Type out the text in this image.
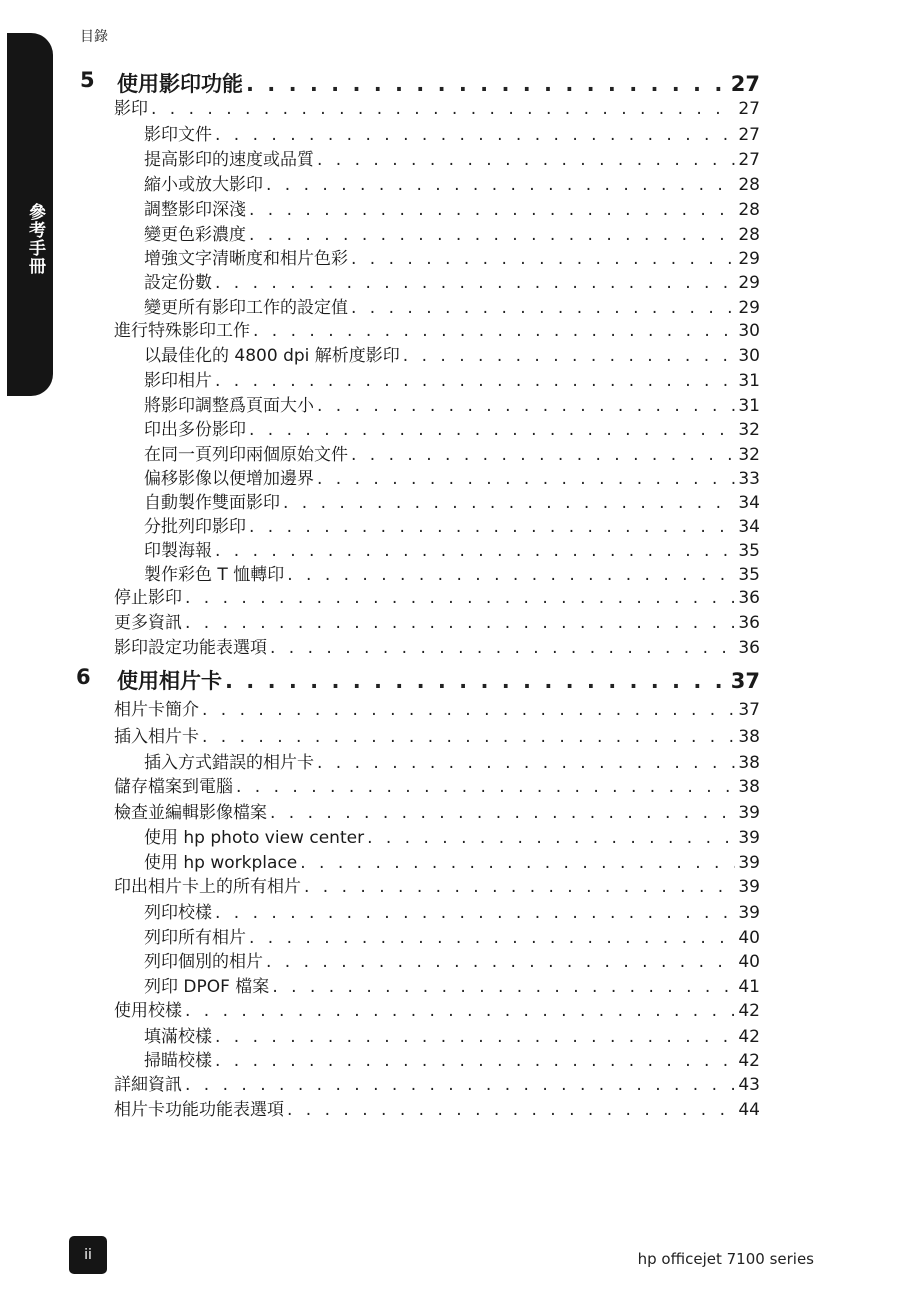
參考手冊
目錄
5 使用影印功能 . . .	27
影印 . . .	27
影印文件 . . .	27
提高影印的速度或品質 . . .	27
縮小或放大影印 . . .	28
調整影印深淺 . . .	28
變更色彩濃度 . . .	28
增強文字清晰度和相片色彩 . . .	29
設定份數 . . .	29
變更所有影印工作的設定值 . . .	29
進行特殊影印工作 . . .	30
以最佳化的 4800 dpi 解析度影印 . . .	30
影印相片 . . .	31
將影印調整爲頁面大小 . . .	31
印出多份影印 . . .	32
在同一頁列印兩個原始文件 . . .	32
偏移影像以便增加邊界 . . .	33
自動製作雙面影印 . . .	34
分批列印影印 . . .	34
印製海報 . . .	35
製作彩色 T 恤轉印 . . .	35
停止影印 . . .	36
更多資訊 . . .	36
影印設定功能表選項 . . .	36
6 使用相片卡 . . .	37
相片卡簡介 . . .	37
插入相片卡 . . .	38
插入方式錯誤的相片卡 . . .	38
儲存檔案到電腦 . . .	38
檢查並編輯影像檔案 . . .	39
使用 hp photo view center . . .	39
使用 hp workplace . . .	39
印出相片卡上的所有相片 . . .	39
列印校樣 . . .	39
列印所有相片 . . .	40
列印個別的相片 . . .	40
列印 DPOF 檔案 . . .	41
使用校樣 . . .	42
填滿校樣 . . .	42
掃瞄校樣 . . .	42
詳細資訊 . . .	43
相片卡功能功能表選項 . . .	44
ii	hp officejet 7100 series
